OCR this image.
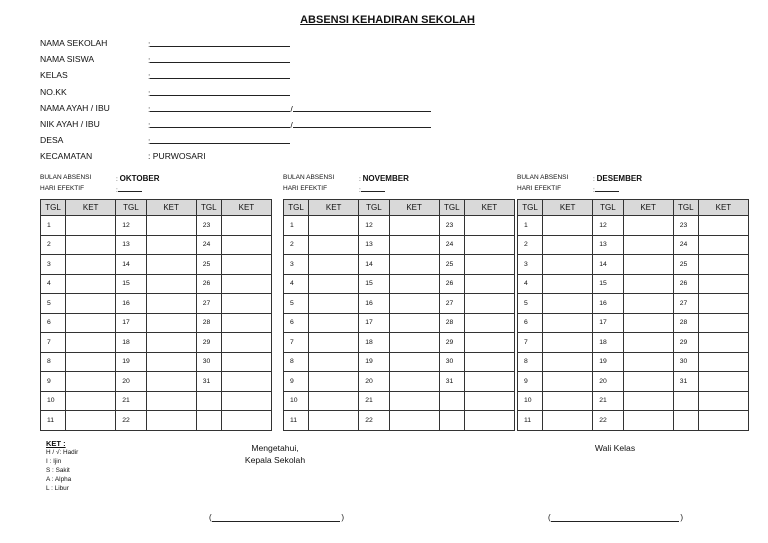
ABSENSI KEHADIRAN SEKOLAH
NAMA SEKOLAH	:
NAMA SISWA	:
KELAS	:
NO.KK	:
NAMA AYAH / IBU	:	/
NIK AYAH / IBU	:	/
DESA	:
KECAMATAN	: PURWOSARI
BULAN ABSENSI	: OKTOBER
HARI EFEKTIF	:
TGL	KET	TGL	KET	TGL	KET
1		12		23	
2		13		24	
3		14		25	
4		15		26	
5		16		27	
6		17		28	
7		18		29	
8		19		30	
9		20		31	
10		21			
11		22			
BULAN ABSENSI	: NOVEMBER
HARI EFEKTIF	:
TGL	KET	TGL	KET	TGL	KET
1		12		23	
2		13		24	
3		14		25	
4		15		26	
5		16		27	
6		17		28	
7		18		29	
8		19		30	
9		20		31	
10		21			
11		22			
BULAN ABSENSI	: DESEMBER
HARI EFEKTIF	:
TGL	KET	TGL	KET	TGL	KET
1		12		23	
2		13		24	
3		14		25	
4		15		26	
5		16		27	
6		17		28	
7		18		29	
8		19		30	
9		20		31	
10		21			
11		22			
KET :
H / √: Hadir
I : Ijin
S : Sakit
A : Alpha
L : Libur
Mengetahui,
Kepala Sekolah
Wali Kelas
(	)	(	)
